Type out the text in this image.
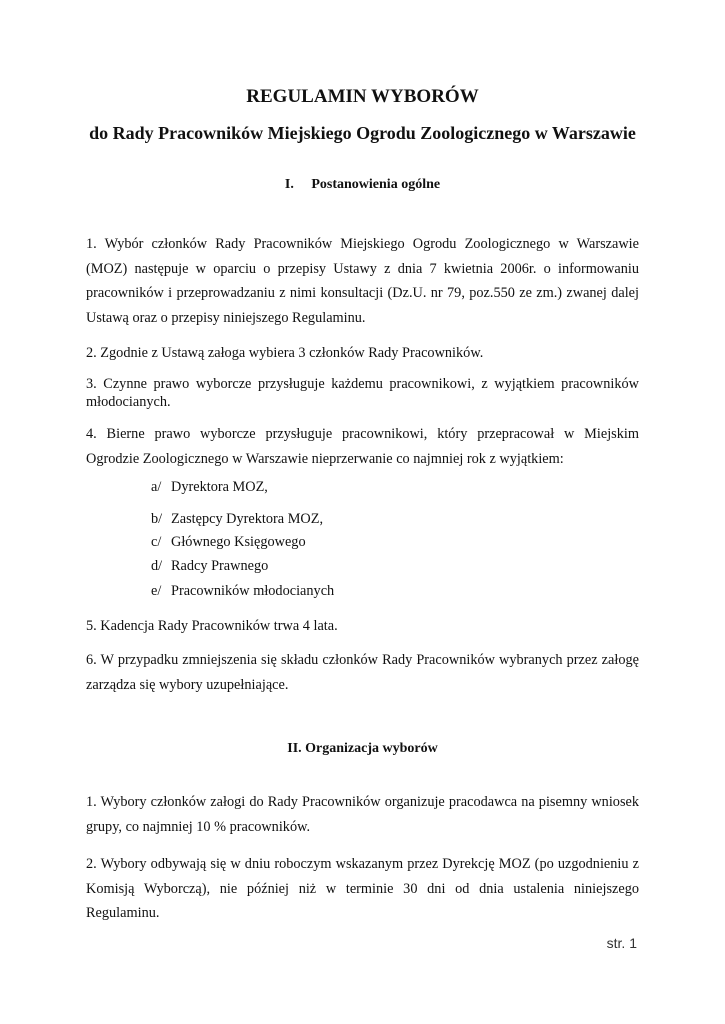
REGULAMIN WYBORÓW
do Rady Pracowników Miejskiego Ogrodu Zoologicznego w Warszawie
I.     Postanowienia ogólne

1. Wybór członków Rady Pracowników Miejskiego Ogrodu Zoologicznego w Warszawie (MOZ) następuje w oparciu o przepisy Ustawy z dnia 7 kwietnia 2006r. o informowaniu pracowników i przeprowadzaniu z nimi konsultacji (Dz.U. nr 79, poz.550 ze zm.) zwanej dalej Ustawą oraz o przepisy niniejszego Regulaminu.

2. Zgodnie z Ustawą załoga wybiera 3 członków Rady Pracowników.

3. Czynne prawo wyborcze przysługuje każdemu pracownikowi, z wyjątkiem pracowników młodocianych.

4. Bierne prawo wyborcze przysługuje pracownikowi, który przepracował w Miejskim Ogrodzie Zoologicznego w Warszawie nieprzerwanie co najmniej rok z wyjątkiem:

a/ Dyrektora MOZ,
b/ Zastępcy Dyrektora MOZ,
c/ Głównego Księgowego
d/ Radcy Prawnego
e/ Pracowników młodocianych

5. Kadencja Rady Pracowników trwa 4 lata.

6. W przypadku zmniejszenia się składu członków Rady Pracowników wybranych przez załogę zarządza się wybory uzupełniające.

II. Organizacja wyborów

1. Wybory członków załogi do Rady Pracowników organizuje pracodawca na pisemny wniosek grupy, co najmniej 10 % pracowników.

2. Wybory odbywają się w dniu roboczym wskazanym przez Dyrekcję MOZ (po uzgodnieniu z Komisją Wyborczą), nie później niż w terminie 30 dni od dnia ustalenia niniejszego Regulaminu.

str. 1
